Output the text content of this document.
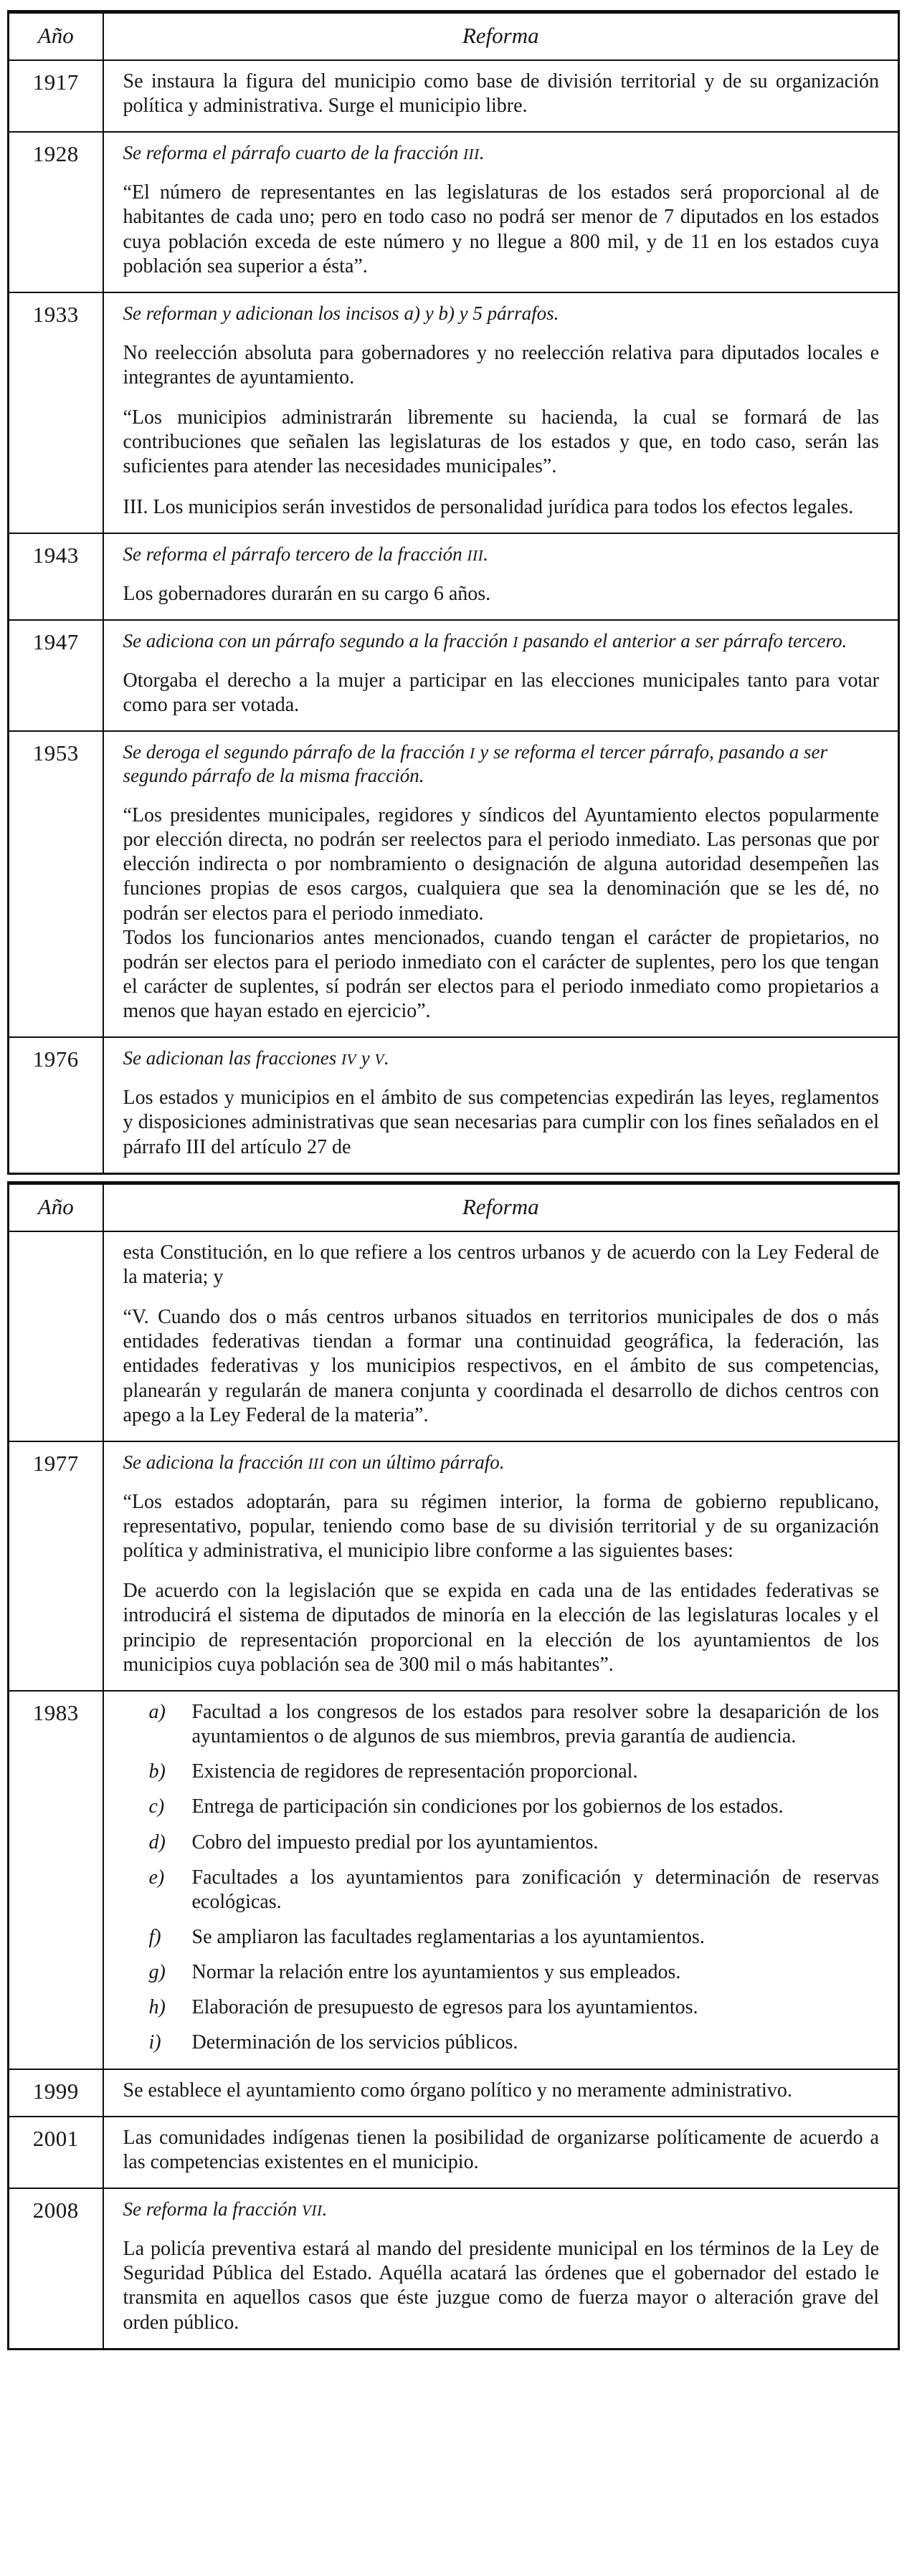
Año	Reforma
1917	Se instaura la figura del municipio como base de división territorial y de su organización política y administrativa. Surge el municipio libre.

1928	Se reforma el párrafo cuarto de la fracción III.

“El número de representantes en las legislaturas de los estados será proporcional al de habitantes de cada uno; pero en todo caso no podrá ser menor de 7 diputados en los estados cuya población exceda de este número y no llegue a 800 mil, y de 11 en los estados cuya población sea superior a ésta”.

1933	Se reforman y adicionan los incisos a) y b) y 5 párrafos.

No reelección absoluta para gobernadores y no reelección relativa para diputados locales e integrantes de ayuntamiento.

“Los municipios administrarán libremente su hacienda, la cual se formará de las contribuciones que señalen las legislaturas de los estados y que, en todo caso, serán las suficientes para atender las necesidades municipales”.

III. Los municipios serán investidos de personalidad jurídica para todos los efectos legales.

1943	Se reforma el párrafo tercero de la fracción III.

Los gobernadores durarán en su cargo 6 años.

1947	Se adiciona con un párrafo segundo a la fracción I pasando el anterior a ser párrafo tercero.

Otorgaba el derecho a la mujer a participar en las elecciones municipales tanto para votar como para ser votada.

1953	Se deroga el segundo párrafo de la fracción I y se reforma el tercer párrafo, pasando a ser segundo párrafo de la misma fracción.

“Los presidentes municipales, regidores y síndicos del Ayuntamiento electos popularmente por elección directa, no podrán ser reelectos para el periodo inmediato. Las personas que por elección indirecta o por nombramiento o designación de alguna autoridad desempeñen las funciones propias de esos cargos, cualquiera que sea la denominación que se les dé, no podrán ser electos para el periodo inmediato.

Todos los funcionarios antes mencionados, cuando tengan el carácter de propietarios, no podrán ser electos para el periodo inmediato con el carácter de suplentes, pero los que tengan el carácter de suplentes, sí podrán ser electos para el periodo inmediato como propietarios a menos que hayan estado en ejercicio”.

1976	Se adicionan las fracciones IV y V.

Los estados y municipios en el ámbito de sus competencias expedirán las leyes, reglamentos y disposiciones administrativas que sean necesarias para cumplir con los fines señalados en el párrafo III del artículo 27 de

Año	Reforma

	esta Constitución, en lo que refiere a los centros urbanos y de acuerdo con la Ley Federal de la materia; y

“V. Cuando dos o más centros urbanos situados en territorios municipales de dos o más entidades federativas tiendan a formar una continuidad geográfica, la federación, las entidades federativas y los municipios respectivos, en el ámbito de sus competencias, planearán y regularán de manera conjunta y coordinada el desarrollo de dichos centros con apego a la Ley Federal de la materia”.

1977	Se adiciona la fracción III con un último párrafo.

“Los estados adoptarán, para su régimen interior, la forma de gobierno republicano, representativo, popular, teniendo como base de su división territorial y de su organización política y administrativa, el municipio libre conforme a las siguientes bases:

De acuerdo con la legislación que se expida en cada una de las entidades federativas se introducirá el sistema de diputados de minoría en la elección de las legislaturas locales y el principio de representación proporcional en la elección de los ayuntamientos de los municipios cuya población sea de 300 mil o más habitantes”.

1983	a)	Facultad a los congresos de los estados para resolver sobre la desaparición de los ayuntamientos o de algunos de sus miembros, previa garantía de audiencia.
b)	Existencia de regidores de representación proporcional.
c)	Entrega de participación sin condiciones por los gobiernos de los estados.
d)	Cobro del impuesto predial por los ayuntamientos.
e)	Facultades a los ayuntamientos para zonificación y determinación de reservas ecológicas.
f)	Se ampliaron las facultades reglamentarias a los ayuntamientos.
g)	Normar la relación entre los ayuntamientos y sus empleados.
h)	Elaboración de presupuesto de egresos para los ayuntamientos.
i)	Determinación de los servicios públicos.

1999	Se establece el ayuntamiento como órgano político y no meramente administrativo.

2001	Las comunidades indígenas tienen la posibilidad de organizarse políticamente de acuerdo a las competencias existentes en el municipio.

2008	Se reforma la fracción VII.

La policía preventiva estará al mando del presidente municipal en los términos de la Ley de Seguridad Pública del Estado. Aquélla acatará las órdenes que el gobernador del estado le transmita en aquellos casos que éste juzgue como de fuerza mayor o alteración grave del orden público.
